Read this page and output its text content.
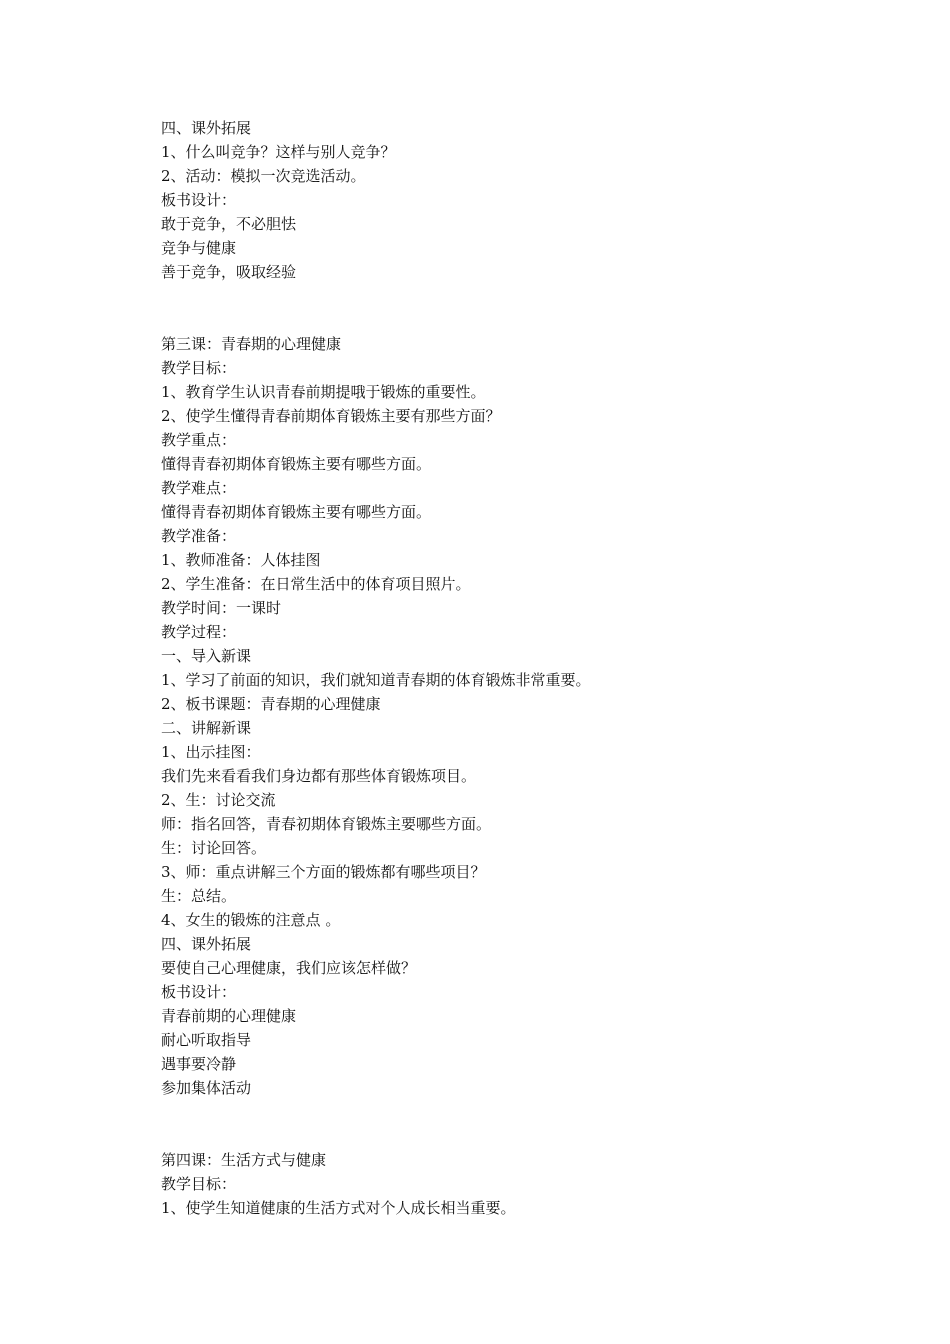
四、课外拓展
1、什么叫竞争？这样与别人竞争？
2、活动：模拟一次竞选活动。
板书设计：
敢于竞争，不必胆怯
竞争与健康
善于竞争，吸取经验
第三课：青春期的心理健康
教学目标：
1、教育学生认识青春前期提哦于锻炼的重要性。
2、使学生懂得青春前期体育锻炼主要有那些方面？
教学重点：
懂得青春初期体育锻炼主要有哪些方面。
教学难点：
懂得青春初期体育锻炼主要有哪些方面。
教学准备：
1、教师准备：人体挂图
2、学生准备：在日常生活中的体育项目照片。
教学时间：一课时
教学过程：
一、导入新课
1、学习了前面的知识，我们就知道青春期的体育锻炼非常重要。
2、板书课题：青春期的心理健康
二、讲解新课
1、出示挂图：
我们先来看看我们身边都有那些体育锻炼项目。
2、生：讨论交流
师：指名回答，青春初期体育锻炼主要哪些方面。
生：讨论回答。
3、师：重点讲解三个方面的锻炼都有哪些项目？
生：总结。
4、女生的锻炼的注意点 。
四、课外拓展
要使自己心理健康，我们应该怎样做？
板书设计：
青春前期的心理健康
耐心听取指导
遇事要冷静
参加集体活动
第四课：生活方式与健康
教学目标：
1、使学生知道健康的生活方式对个人成长相当重要。
